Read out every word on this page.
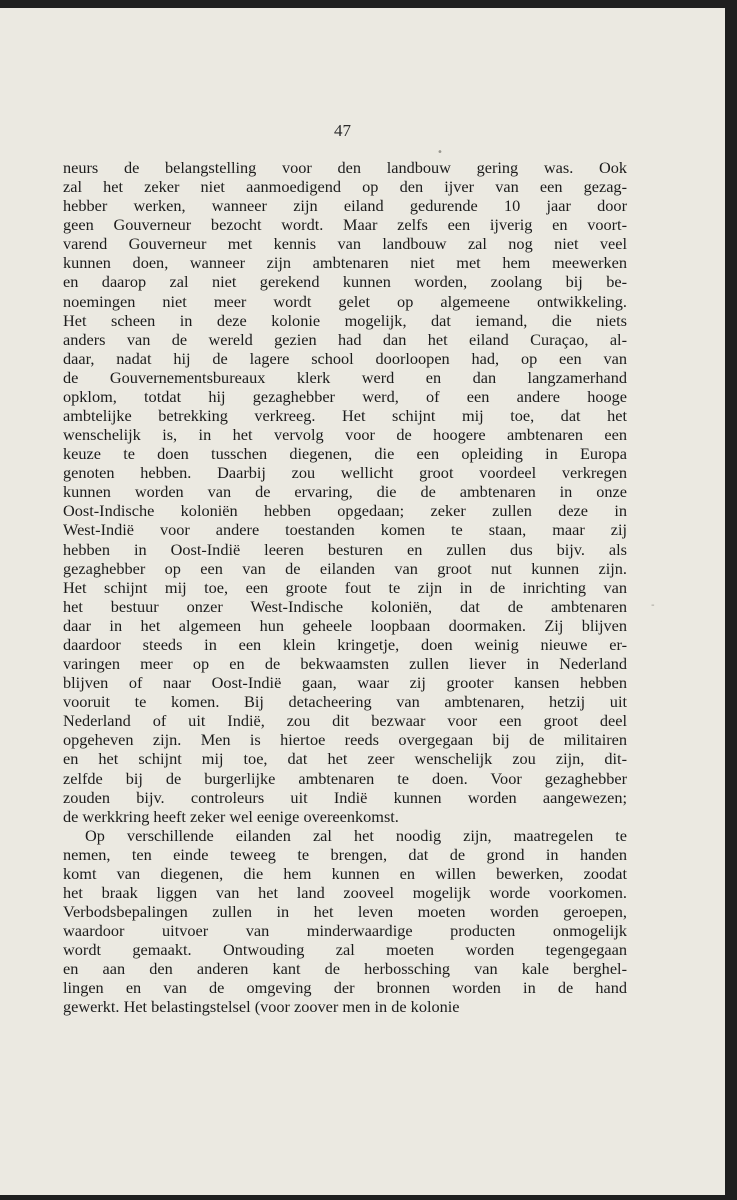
47
•
-
neurs de belangstelling voor den landbouw gering was. Ook
zal het zeker niet aanmoedigend op den ijver van een gezag-
hebber werken, wanneer zijn eiland gedurende 10 jaar door
geen Gouverneur bezocht wordt. Maar zelfs een ijverig en voort-
varend Gouverneur met kennis van landbouw zal nog niet veel
kunnen doen, wanneer zijn ambtenaren niet met hem meewerken
en daarop zal niet gerekend kunnen worden, zoolang bij be-
noemingen niet meer wordt gelet op algemeene ontwikkeling.
Het scheen in deze kolonie mogelijk, dat iemand, die niets
anders van de wereld gezien had dan het eiland Curaçao, al-
daar, nadat hij de lagere school doorloopen had, op een van
de Gouvernementsbureaux klerk werd en dan langzamerhand
opklom, totdat hij gezaghebber werd, of een andere hooge
ambtelijke betrekking verkreeg. Het schijnt mij toe, dat het
wenschelijk is, in het vervolg voor de hoogere ambtenaren een
keuze te doen tusschen diegenen, die een opleiding in Europa
genoten hebben. Daarbij zou wellicht groot voordeel verkregen
kunnen worden van de ervaring, die de ambtenaren in onze
Oost-Indische koloniën hebben opgedaan; zeker zullen deze in
West-Indië voor andere toestanden komen te staan, maar zij
hebben in Oost-Indië leeren besturen en zullen dus bijv. als
gezaghebber op een van de eilanden van groot nut kunnen zijn.
Het schijnt mij toe, een groote fout te zijn in de inrichting van
het bestuur onzer West-Indische koloniën, dat de ambtenaren
daar in het algemeen hun geheele loopbaan doormaken. Zij blijven
daardoor steeds in een klein kringetje, doen weinig nieuwe er-
varingen meer op en de bekwaamsten zullen liever in Nederland
blijven of naar Oost-Indië gaan, waar zij grooter kansen hebben
vooruit te komen. Bij detacheering van ambtenaren, hetzij uit
Nederland of uit Indië, zou dit bezwaar voor een groot deel
opgeheven zijn. Men is hiertoe reeds overgegaan bij de militairen
en het schijnt mij toe, dat het zeer wenschelijk zou zijn, dit-
zelfde bij de burgerlijke ambtenaren te doen. Voor gezaghebber
zouden bijv. controleurs uit Indië kunnen worden aangewezen;
de werkkring heeft zeker wel eenige overeenkomst.
Op verschillende eilanden zal het noodig zijn, maatregelen te
nemen, ten einde teweeg te brengen, dat de grond in handen
komt van diegenen, die hem kunnen en willen bewerken, zoodat
het braak liggen van het land zooveel mogelijk worde voorkomen.
Verbodsbepalingen zullen in het leven moeten worden geroepen,
waardoor uitvoer van minderwaardige producten onmogelijk
wordt gemaakt. Ontwouding zal moeten worden tegengegaan
en aan den anderen kant de herbossching van kale berghel-
lingen en van de omgeving der bronnen worden in de hand
gewerkt. Het belastingstelsel (voor zoover men in de kolonie
